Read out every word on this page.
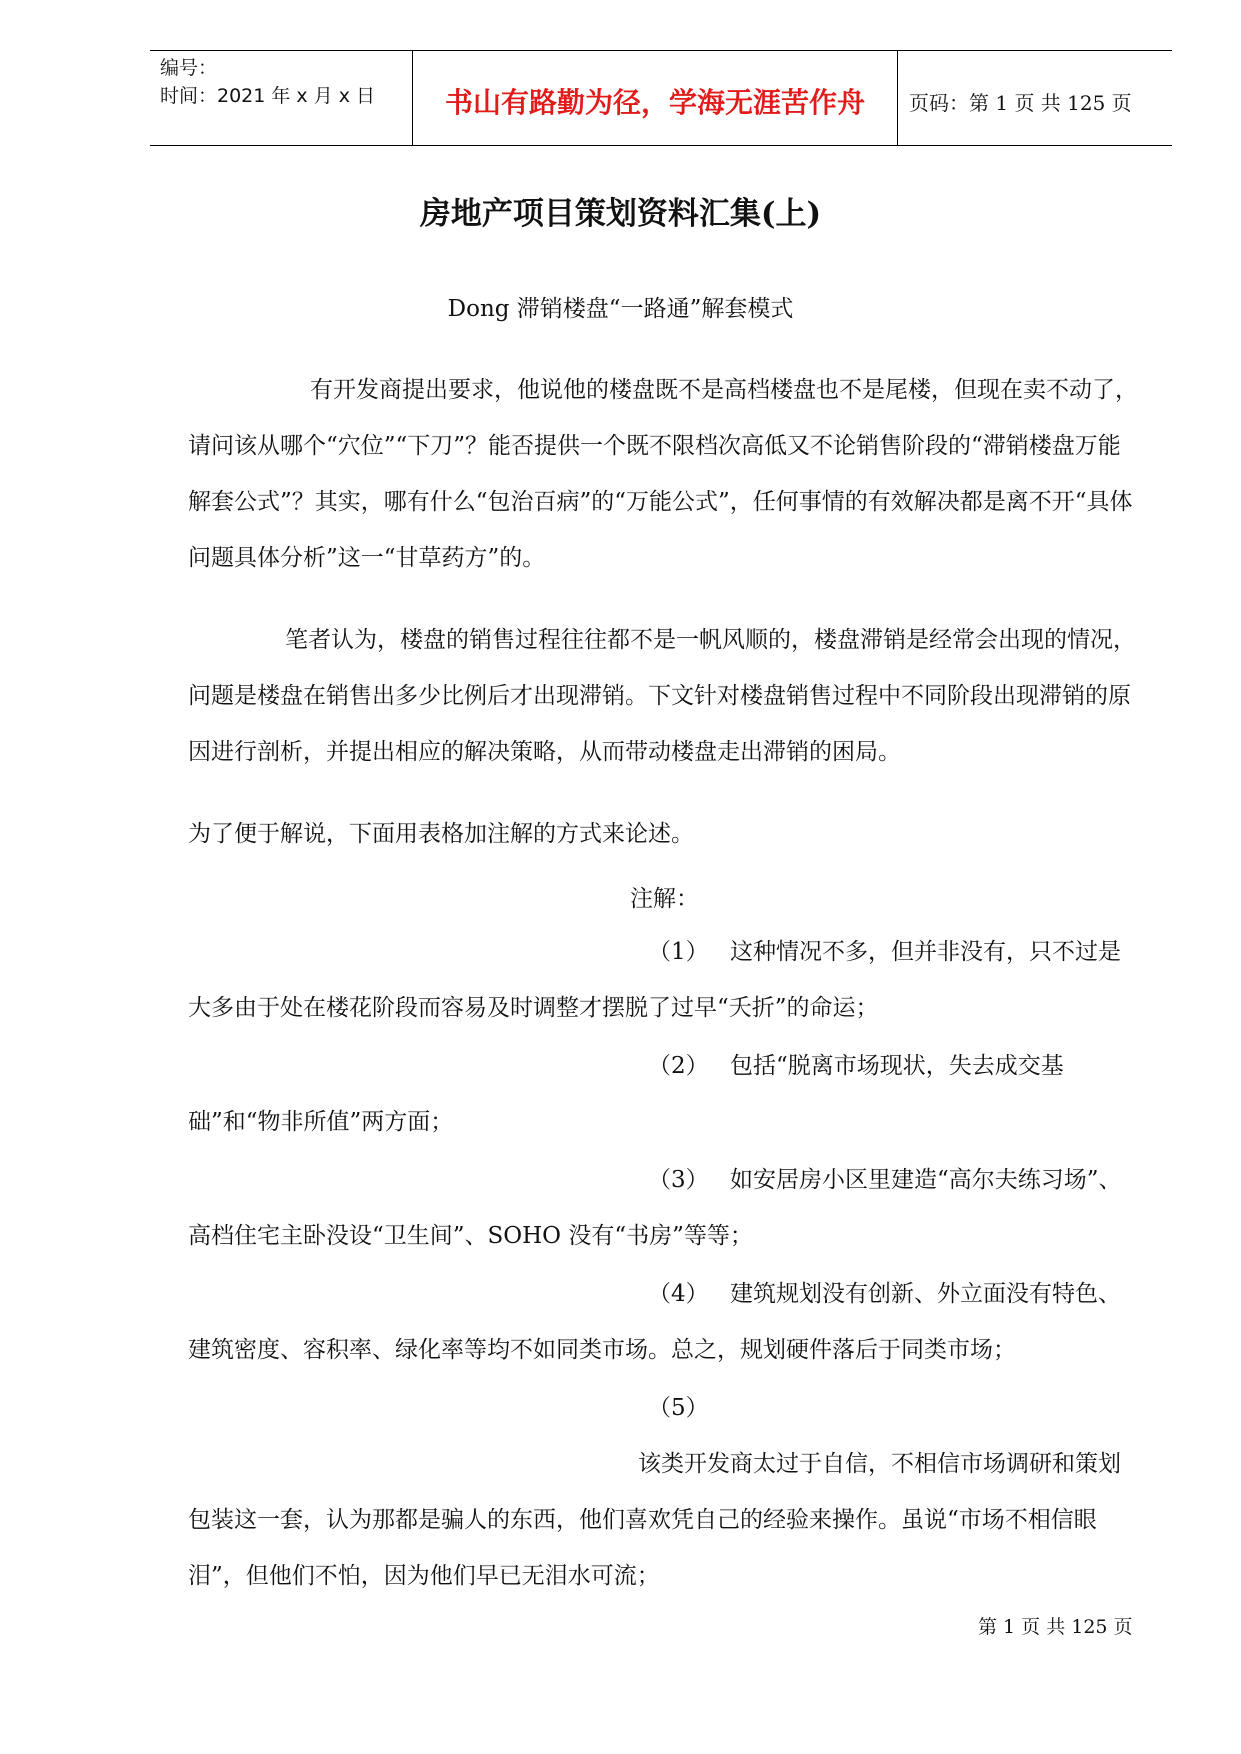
编号：
时间：2021 年 x 月 x 日	书山有路勤为径，学海无涯苦作舟	页码：第 1 页 共 125 页
房地产项目策划资料汇集(上)
Dong 滞销楼盘“一路通”解套模式
有开发商提出要求，他说他的楼盘既不是高档楼盘也不是尾楼，但现在卖不动了，请问该从哪个“穴位”“下刀”？能否提供一个既不限档次高低又不论销售阶段的“滞销楼盘万能解套公式”？其实，哪有什么“包治百病”的“万能公式”，任何事情的有效解决都是离不开“具体问题具体分析”这一“甘草药方”的。
笔者认为，楼盘的销售过程往往都不是一帆风顺的，楼盘滞销是经常会出现的情况，问题是楼盘在销售出多少比例后才出现滞销。下文针对楼盘销售过程中不同阶段出现滞销的原因进行剖析，并提出相应的解决策略，从而带动楼盘走出滞销的困局。
为了便于解说，下面用表格加注解的方式来论述。
注解：
（1） 这种情况不多，但并非没有，只不过是大多由于处在楼花阶段而容易及时调整才摆脱了过早“夭折”的命运；
（2） 包括“脱离市场现状，失去成交基础”和“物非所值”两方面；
（3） 如安居房小区里建造“高尔夫练习场”、高档住宅主卧没设“卫生间”、SOHO 没有“书房”等等；
（4） 建筑规划没有创新、外立面没有特色、建筑密度、容积率、绿化率等均不如同类市场。总之，规划硬件落后于同类市场；
（5）
该类开发商太过于自信，不相信市场调研和策划包装这一套，认为那都是骗人的东西，他们喜欢凭自己的经验来操作。虽说“市场不相信眼泪”，但他们不怕，因为他们早已无泪水可流；
第 1 页 共 125 页
